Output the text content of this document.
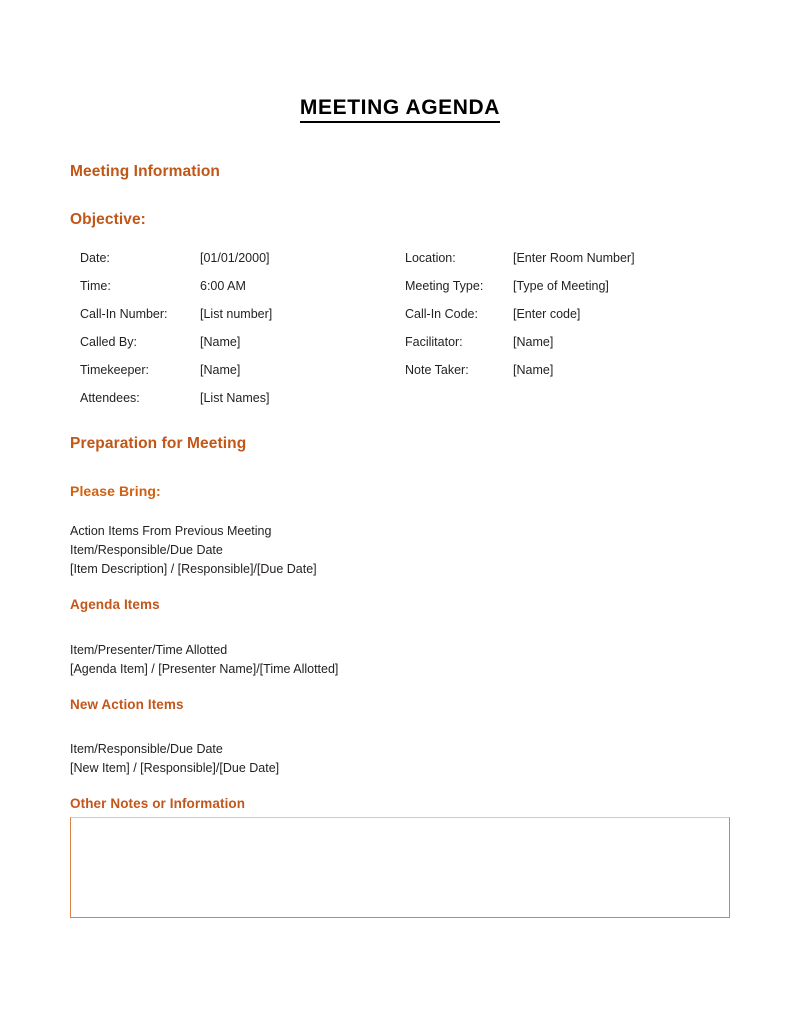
MEETING AGENDA
Meeting Information
Objective:
Date:	[01/01/2000]	Location:	[Enter Room Number]
Time:	6:00 AM	Meeting Type: [Type of Meeting]
Call-In Number:	[List number]	Call-In Code:	[Enter code]
Called By:	[Name]	Facilitator:	[Name]
Timekeeper:	[Name]	Note Taker:	[Name]
Attendees:	[List Names]
Preparation for Meeting
Please Bring:
Action Items From Previous Meeting
Item/Responsible/Due Date
[Item Description] / [Responsible]/[Due Date]
Agenda Items
Item/Presenter/Time Allotted
[Agenda Item] / [Presenter Name]/[Time Allotted]
New Action Items
Item/Responsible/Due Date
[New Item] / [Responsible]/[Due Date]
Other Notes or Information
